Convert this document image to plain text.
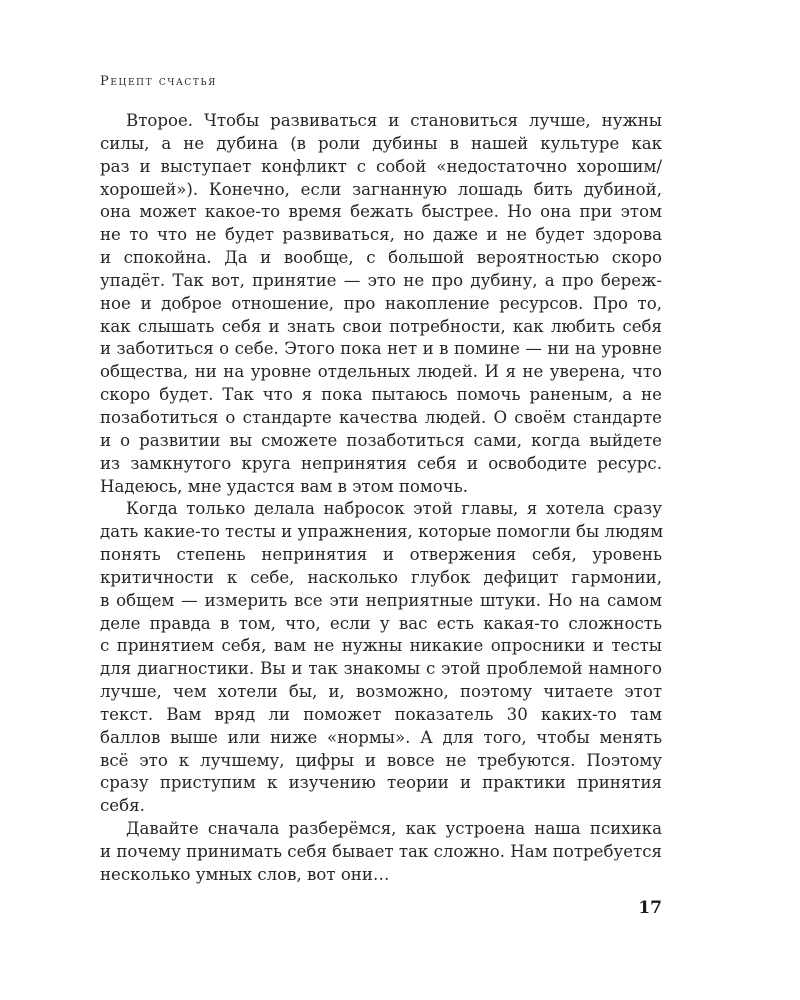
Рецепт счастья

Второе. Чтобы развиваться и становиться лучше, нужны
силы, а не дубина (в роли дубины в нашей культуре как
раз и выступает конфликт с собой «недостаточно хорошим/
хорошей»). Конечно, если загнанную лошадь бить дубиной,
она может какое-то время бежать быстрее. Но она при этом
не то что не будет развиваться, но даже и не будет здорова
и спокойна. Да и вообще, с большой вероятностью скоро
упадёт. Так вот, принятие — это не про дубину, а про береж-
ное и доброе отношение, про накопление ресурсов. Про то,
как слышать себя и знать свои потребности, как любить себя
и заботиться о себе. Этого пока нет и в помине — ни на уровне
общества, ни на уровне отдельных людей. И я не уверена, что
скоро будет. Так что я пока пытаюсь помочь раненым, а не
позаботиться о стандарте качества людей. О своём стандарте
и о развитии вы сможете позаботиться сами, когда выйдете
из замкнутого круга непринятия себя и освободите ресурс.
Надеюсь, мне удастся вам в этом помочь.

Когда только делала набросок этой главы, я хотела сразу
дать какие-то тесты и упражнения, которые помогли бы людям
понять степень непринятия и отвержения себя, уровень
критичности к себе, насколько глубок дефицит гармонии,
в общем — измерить все эти неприятные штуки. Но на самом
деле правда в том, что, если у вас есть какая-то сложность
с принятием себя, вам не нужны никакие опросники и тесты
для диагностики. Вы и так знакомы с этой проблемой намного
лучше, чем хотели бы, и, возможно, поэтому читаете этот
текст. Вам вряд ли поможет показатель 30 каких-то там
баллов выше или ниже «нормы». А для того, чтобы менять
всё это к лучшему, цифры и вовсе не требуются. Поэтому
сразу приступим к изучению теории и практики принятия
себя.

Давайте сначала разберёмся, как устроена наша психика
и почему принимать себя бывает так сложно. Нам потребуется
несколько умных слов, вот они…

17
